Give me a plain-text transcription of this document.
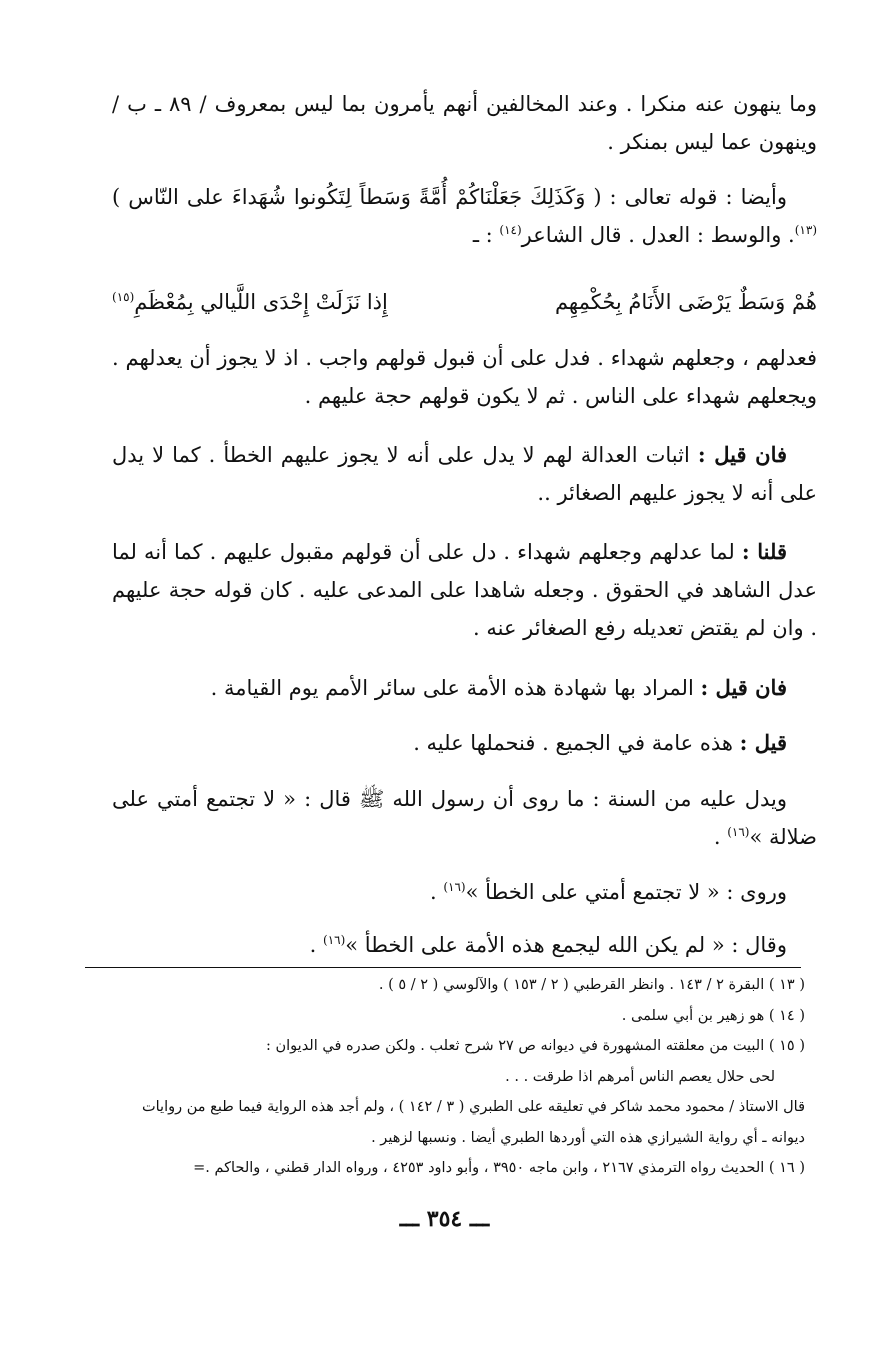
وما ينهون عنه منكرا . وعند المخالفين أنهم يأمرون بما ليس بمعروف / ٨٩ ـ ب / وينهون عما ليس بمنكر .

وأيضا : قوله تعالى : ( وَكَذَلِكَ جَعَلْنَاكُمْ أُمَّةً وَسَطاً لِتَكُونوا شُهَداءَ على النّاس )$^{(١٣)}$. والوسط : العدل . قال الشاعر$^{(١٤)}$ : ـ

هُمْ وَسَطٌ يَرْضَى الأَنَامُ بِحُكْمِهِم
إِذا نَزَلَتْ إِحْدَى اللَّيالي بِمُعْظَمِ$^{(١٥)}$

فعدلهم ، وجعلهم شهداء . فدل على أن قبول قولهم واجب . اذ لا يجوز أن يعدلهم . ويجعلهم شهداء على الناس . ثم لا يكون قولهم حجة عليهم .

فان قيل : اثبات العدالة لهم لا يدل على أنه لا يجوز عليهم الخطأ . كما لا يدل على أنه لا يجوز عليهم الصغائر ..

قلنا : لما عدلهم وجعلهم شهداء . دل على أن قولهم مقبول عليهم . كما أنه لما عدل الشاهد في الحقوق . وجعله شاهدا على المدعى عليه . كان قوله حجة عليهم . وان لم يقتض تعديله رفع الصغائر عنه .

فان قيل : المراد بها شهادة هذه الأمة على سائر الأمم يوم القيامة .

قيل : هذه عامة في الجميع . فنحملها عليه .

ويدل عليه من السنة : ما روى أن رسول الله ﷺ قال : « لا تجتمع أمتي على ضلالة »$^{(١٦)}$ .

وروى : « لا تجتمع أمتي على الخطأ »$^{(١٦)}$ .

وقال : « لم يكن الله ليجمع هذه الأمة على الخطأ »$^{(١٦)}$ .

( ١٣ ) البقرة ٢ / ١٤٣ . وانظر القرطبي ( ٢ / ١٥٣ ) والآلوسي ( ٢ / ٥ ) .

( ١٤ ) هو زهير بن أبي سلمى .

( ١٥ ) البيت من معلقته المشهورة في ديوانه ص ٢٧ شرح ثعلب . ولكن صدره في الديوان :

لحى حلال يعصم الناس أمرهم اذا طرقت . . .

قال الاستاذ / محمود محمد شاكر في تعليقه على الطبري ( ٣ / ١٤٢ ) ، ولم أجد هذه الرواية فيما طبع من روايات ديوانه ـ أي رواية الشيرازي هذه التي أوردها الطبري أيضا . ونسبها لزهير .

( ١٦ ) الحديث رواه الترمذي ٢١٦٧ ، وابن ماجه ٣٩٥٠ ، وأبو داود ٤٢٥٣ ، ورواه الدار قطني ، والحاكم .=

ـــ ٣٥٤ ـــ
